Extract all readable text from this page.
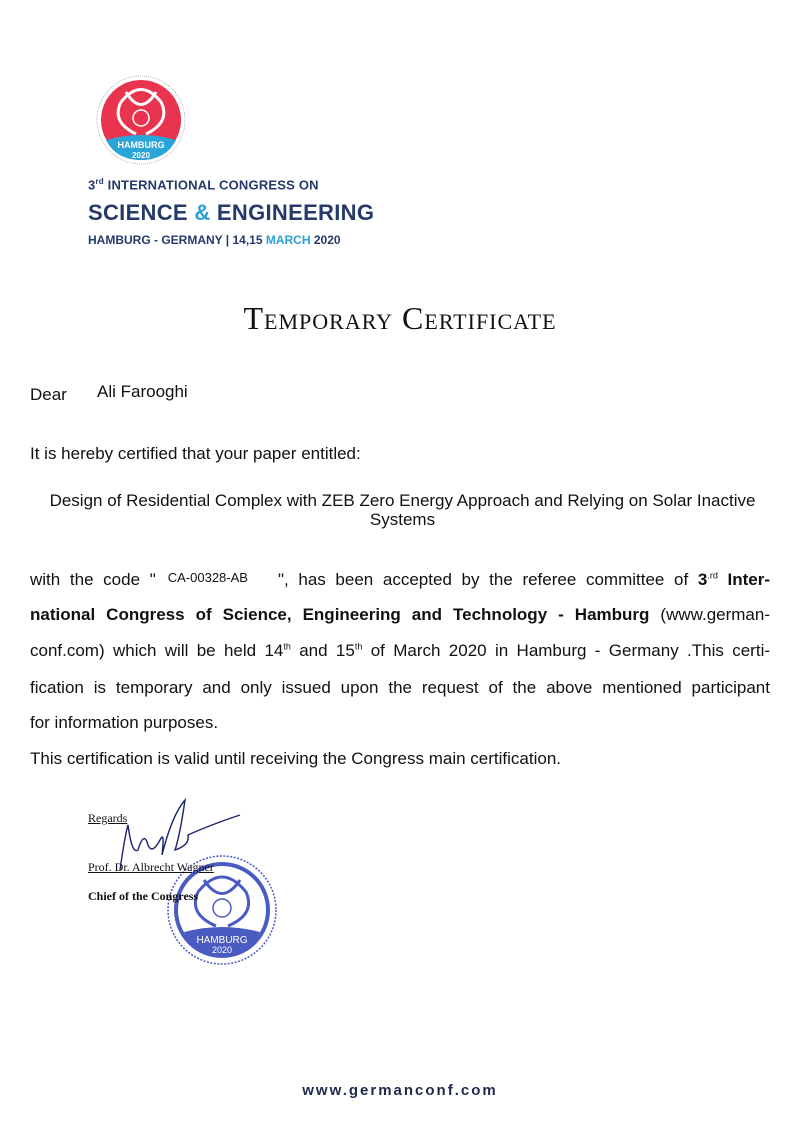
HAMBURG
2020
3rd INTERNATIONAL CONGRESS ON
SCIENCE & ENGINEERING
HAMBURG - GERMANY | 14,15 MARCH 2020
Temporary Certificate
Dear Ali Farooghi
It is hereby certified that your paper entitled:
Design of Residential Complex with ZEB Zero Energy Approach and Relying on Solar Inactive Systems
with the code " CA-00328-AB ", has been accepted by the referee committee of $3^{.rd}$ Inter-
national Congress of Science, Engineering and Technology - Hamburg (www.german-
conf.com) which will be held 14th and 15th of March 2020 in Hamburg - Germany .This certi-
fication is temporary and only issued upon the request of the above mentioned participant
for information purposes.
This certification is valid until receiving the Congress main certification.
HAMBURG
2020
Regards
Prof. Dr. Albrecht Wagner
Chief of the Congress
www.germanconf.com
